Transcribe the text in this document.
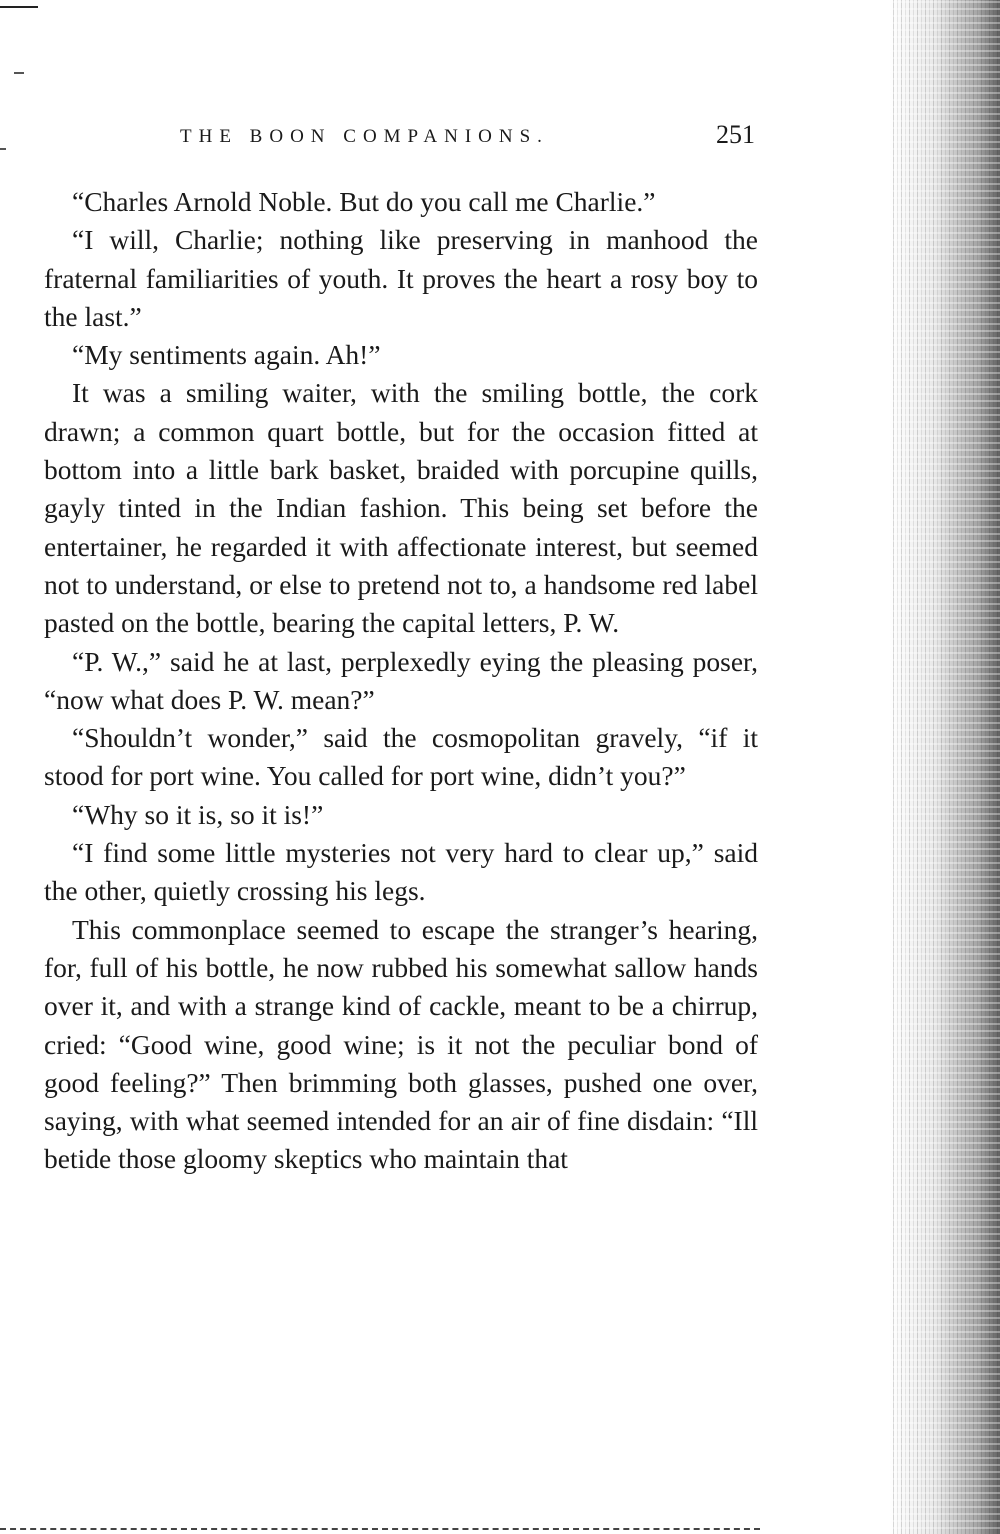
THE BOON COMPANIONS.	251

“Charles Arnold Noble. But do you call me Charlie.”

“I will, Charlie; nothing like preserving in manhood the fraternal familiarities of youth. It proves the heart a rosy boy to the last.”

“My sentiments again. Ah!”

It was a smiling waiter, with the smiling bottle, the cork drawn; a common quart bottle, but for the occasion fitted at bottom into a little bark basket, braided with porcupine quills, gayly tinted in the Indian fashion. This being set before the entertainer, he regarded it with affectionate interest, but seemed not to understand, or else to pretend not to, a handsome red label pasted on the bottle, bearing the capital letters, P. W.

“P. W.,” said he at last, perplexedly eying the pleasing poser, “now what does P. W. mean?”

“Shouldn’t wonder,” said the cosmopolitan gravely, “if it stood for port wine. You called for port wine, didn’t you?”

“Why so it is, so it is!”

“I find some little mysteries not very hard to clear up,” said the other, quietly crossing his legs.

This commonplace seemed to escape the stranger’s hearing, for, full of his bottle, he now rubbed his somewhat sallow hands over it, and with a strange kind of cackle, meant to be a chirrup, cried: “Good wine, good wine; is it not the peculiar bond of good feeling?” Then brimming both glasses, pushed one over, saying, with what seemed intended for an air of fine disdain: “Ill betide those gloomy skeptics who maintain that
